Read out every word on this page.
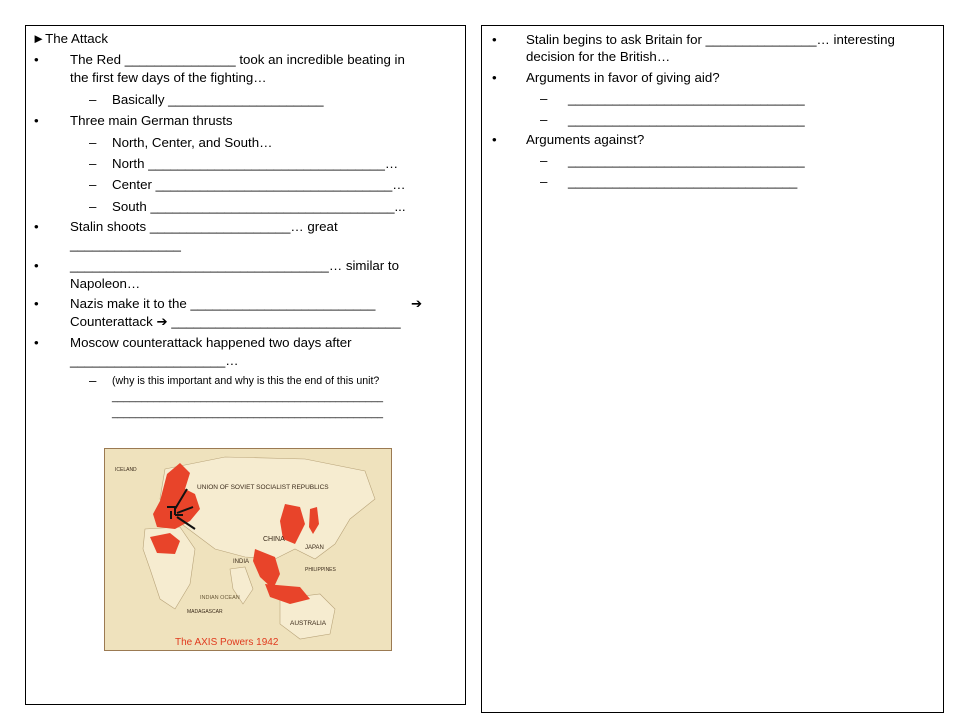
►The Attack
• The Red _______________ took an incredible beating in
the first few days of the fighting…
– Basically _____________________
• Three main German thrusts
– North, Center, and South…
– North ________________________________…
– Center ________________________________…
– South _________________________________...
• Stalin shoots ___________________… great
_______________
• ___________________________________… similar to
Napoleon…
• Nazis make it to the _________________________	➔
Counterattack ➔ _______________________________
• Moscow counterattack happened two days after
_____________________…
– (why is this important and why is this the end of this unit?
______________________________________________
______________________________________________
UNION OF SOVIET SOCIALIST REPUBLICS
CHINA
INDIA
JAPAN
PHILIPPINES
INDIAN OCEAN
MADAGASCAR
AUSTRALIA
ICELAND
The AXIS Powers 1942
• Stalin begins to ask Britain for _______________… interesting
decision for the British…
• Arguments in favor of giving aid?
– ________________________________
– ________________________________
• Arguments against?
– ________________________________
– _______________________________
